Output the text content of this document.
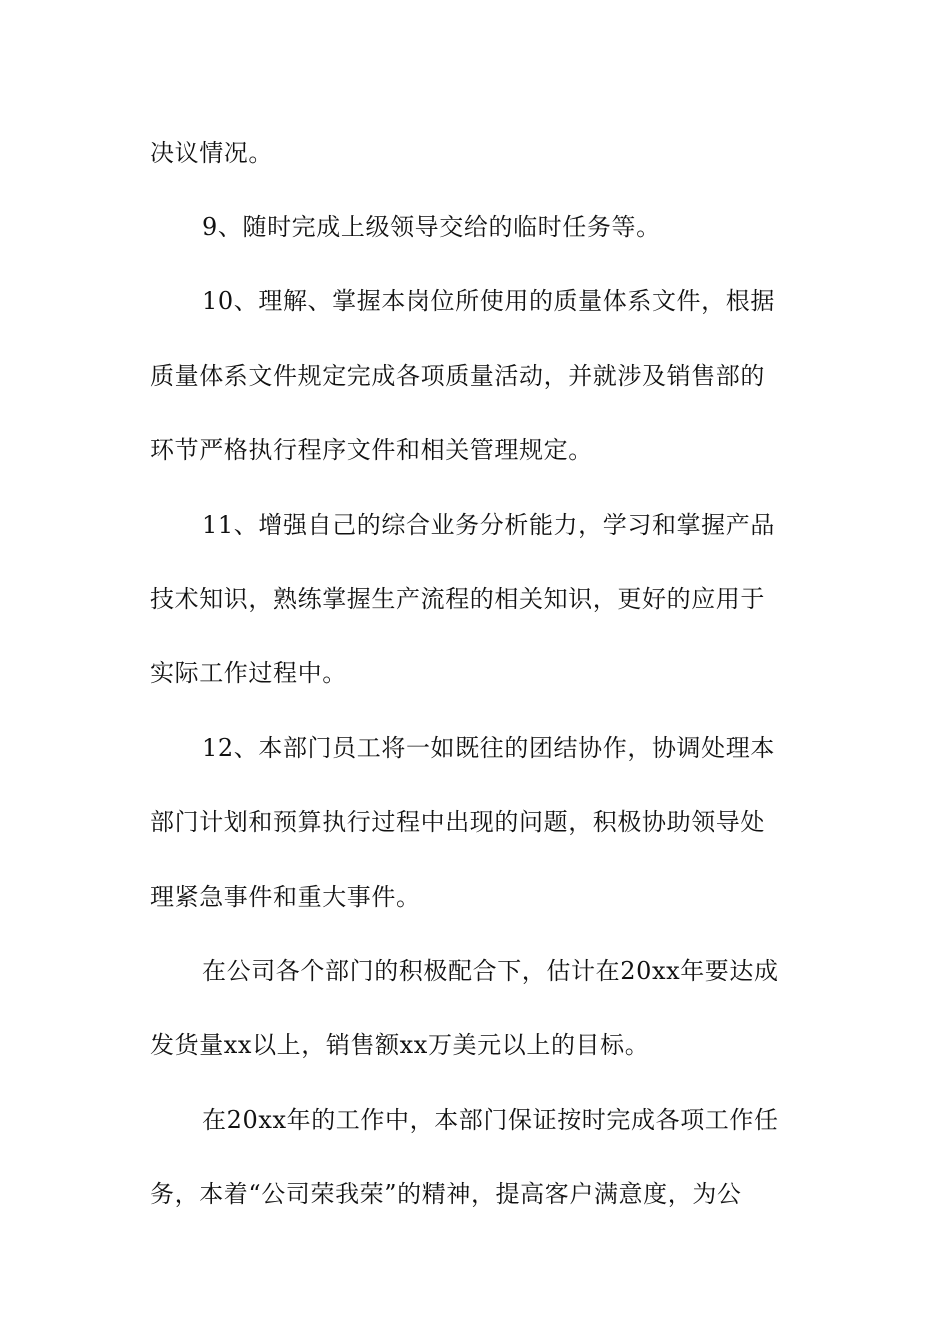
决议情况。
9、随时完成上级领导交给的临时任务等。
10、理解、掌握本岗位所使用的质量体系文件，根据
质量体系文件规定完成各项质量活动，并就涉及销售部的
环节严格执行程序文件和相关管理规定。
11、增强自己的综合业务分析能力，学习和掌握产品
技术知识，熟练掌握生产流程的相关知识，更好的应用于
实际工作过程中。
12、本部门员工将一如既往的团结协作，协调处理本
部门计划和预算执行过程中出现的问题，积极协助领导处
理紧急事件和重大事件。
在公司各个部门的积极配合下，估计在20xx年要达成
发货量xx以上，销售额xx万美元以上的目标。
在20xx年的工作中，本部门保证按时完成各项工作任
务，本着“公司荣我荣”的精神，提高客户满意度，为公
